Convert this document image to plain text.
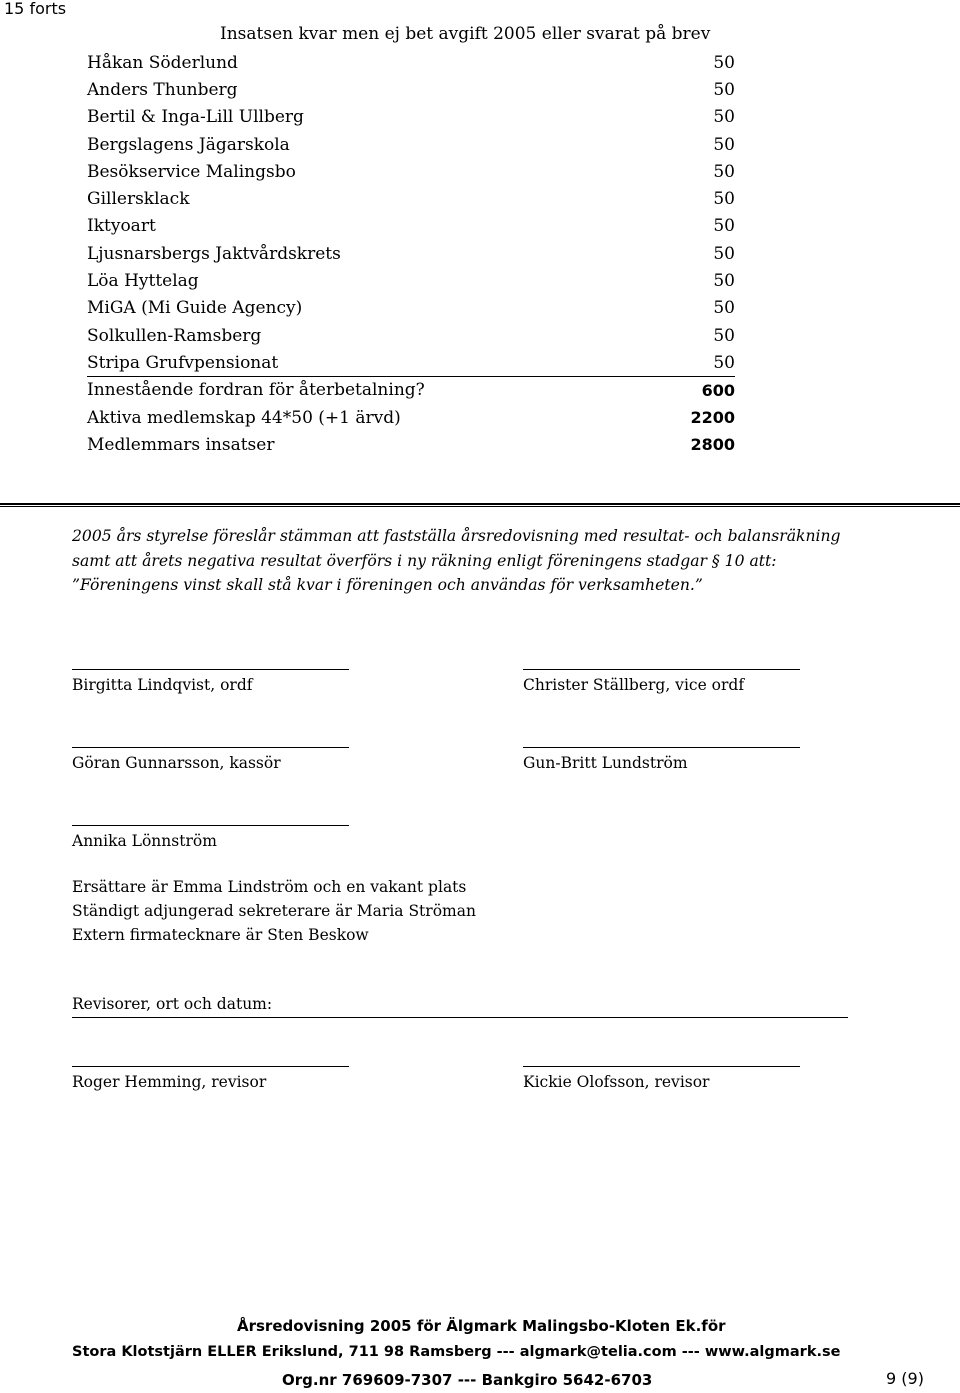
15 forts
Insatsen kvar men ej bet avgift 2005 eller svarat på brev
Håkan Söderlund	50
Anders Thunberg	50
Bertil & Inga-Lill Ullberg	50
Bergslagens Jägarskola	50
Besökservice Malingsbo	50
Gillersklack	50
Iktyoart	50
Ljusnarsbergs Jaktvårdskrets	50
Löa Hyttelag	50
MiGA (Mi Guide Agency)	50
Solkullen-Ramsberg	50
Stripa Grufvpensionat	50
Innestående fordran för återbetalning?	600
Aktiva medlemskap 44*50 (+1 ärvd)	2200
Medlemmars insatser	2800
2005 års styrelse föreslår stämman att fastställa årsredovisning med resultat- och balansräkning
samt att årets negativa resultat överförs i ny räkning enligt föreningens stadgar § 10 att:
”Föreningens vinst skall stå kvar i föreningen och användas för verksamheten.”
Birgitta Lindqvist, ordf	Christer Ställberg, vice ordf
Göran Gunnarsson, kassör	Gun-Britt Lundström
Annika Lönnström
Ersättare är Emma Lindström och en vakant plats
Ständigt adjungerad sekreterare är Maria Ströman
Extern firmatecknare är Sten Beskow
Revisorer, ort och datum:
Roger Hemming, revisor	Kickie Olofsson, revisor
Årsredovisning 2005 för Älgmark Malingsbo-Kloten Ek.för
Stora Klotstjärn ELLER Erikslund, 711 98 Ramsberg --- algmark@telia.com --- www.algmark.se
Org.nr 769609-7307 --- Bankgiro 5642-6703	9 (9)
